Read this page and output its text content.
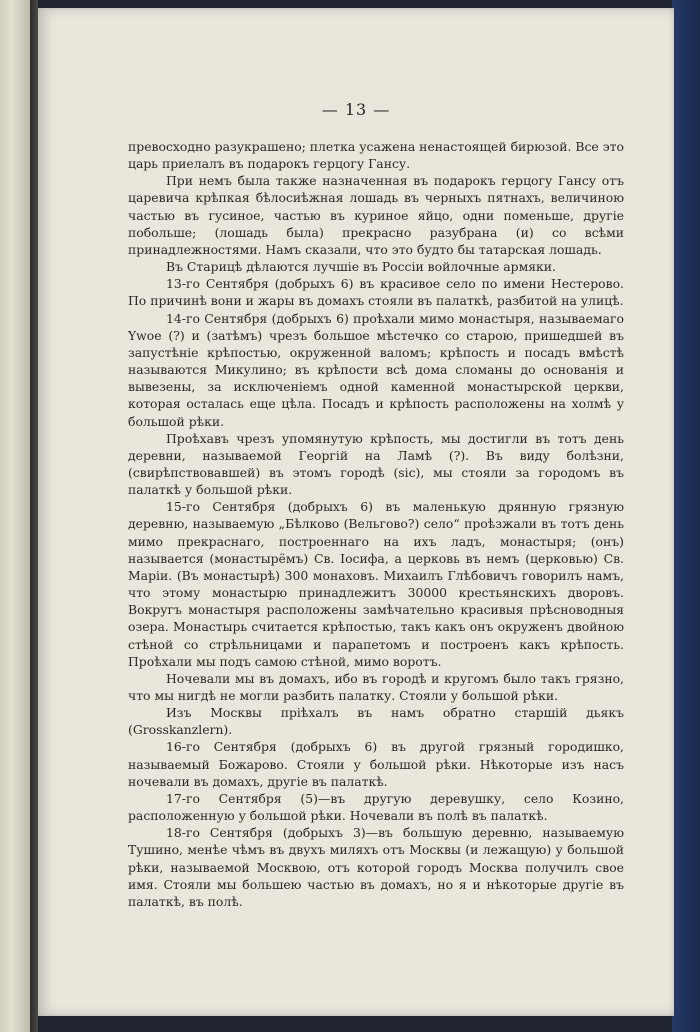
— 13 —

превосходно разукрашено; плетка усажена ненастоящей бирюзой. Все это царь приелалъ въ подарокъ герцогу Гансу.

При немъ была также назначенная въ подарокъ герцогу Гансу отъ царевича крѣпкая бѣлосиѣжная лошадь въ черныхъ пятнахъ, величиною частью въ гусиное, частью въ куриное яйцо, одни поменьше, другіе побольше; (лошадь была) прекрасно разубрана (и) со всѣми принадлежностями. Намъ сказали, что это будто бы татарская лошадь.

Въ Старицѣ дѣлаются лучшіе въ Россіи войлочные армяки.

13-го Сентября (добрыхъ 6) въ красивое село по имени Нестерово. По причинѣ вони и жары въ домахъ стояли въ палаткѣ, разбитой на улицѣ.

14-го Сентября (добрыхъ 6) проѣхали мимо монастыря, называемаго Ywoe (?) и (затѣмъ) чрезъ большое мѣстечко со старою, пришедшей въ запустѣніе крѣпостью, окруженной валомъ; крѣпость и посадъ вмѣстѣ называются Микулино; въ крѣпости всѣ дома сломаны до основанія и вывезены, за исключеніемъ одной каменной монастырской церкви, которая осталась еще цѣла. Посадъ и крѣпость расположены на холмѣ у большой рѣки.

Проѣхавъ чрезъ упомянутую крѣпость, мы достигли въ тотъ день деревни, называемой Георгій на Ламѣ (?). Въ виду болѣзни, (свирѣпствовавшей) въ этомъ городѣ (sic), мы стояли за городомъ въ палаткѣ у большой рѣки.

15-го Сентября (добрыхъ 6) въ маленькую дрянную грязную деревню, называемую „Бѣлково (Вельгово?) село“ проѣзжали въ тотъ день мимо прекраснаго, построеннаго на ихъ ладъ, монастыря; (онъ) называется (монастырёмъ) Св. Іосифа, а церковь въ немъ (церковью) Св. Маріи. (Въ монастырѣ) 300 монаховъ. Михаилъ Глѣбовичъ говорилъ намъ, что этому монастырю принадлежитъ 30000 крестьянскихъ дворовъ. Вокругъ монастыря расположены замѣчательно красивыя прѣсноводныя озера. Монастырь считается крѣпостью, такъ какъ онъ окруженъ двойною стѣной со стрѣльницами и парапетомъ и построенъ какъ крѣпость. Проѣхали мы подъ самою стѣной, мимо воротъ.

Ночевали мы въ домахъ, ибо въ городѣ и кругомъ было такъ грязно, что мы нигдѣ не могли разбить палатку. Стояли у большой рѣки.

Изъ Москвы пріѣхалъ въ намъ обратно старшій дьякъ (Grosskanzlern).

16-го Сентября (добрыхъ 6) въ другой грязный городишко, называемый Божарово. Стояли у большой рѣки. Нѣкоторые изъ насъ ночевали въ домахъ, другіе въ палаткѣ.

17-го Сентября (5)—въ другую деревушку, село Козино, расположенную у большой рѣки. Ночевали въ полѣ въ палаткѣ.

18-го Сентября (добрыхъ 3)—въ большую деревню, называемую Тушино, менѣе чѣмъ въ двухъ миляхъ отъ Москвы (и лежащую) у большой рѣки, называемой Москвою, отъ которой городъ Москва получилъ свое имя. Стояли мы большею частью въ домахъ, но я и нѣкоторые другіе въ палаткѣ, въ полѣ.
